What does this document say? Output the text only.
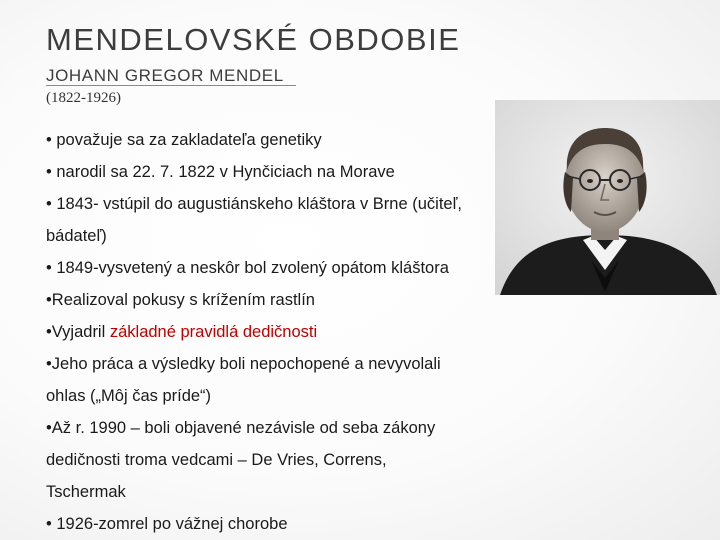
MENDELOVSKÉ OBDOBIE
JOHANN GREGOR MENDEL
(1822-1926)

• považuje sa za zakladateľa genetiky

• narodil sa 22. 7. 1822 v Hynčiciach na Morave

• 1843- vstúpil do augustiánskeho kláštora v Brne (učiteľ,

bádateľ)

• 1849-vysvetený a neskôr bol zvolený opátom kláštora

•Realizoval pokusy s krížením rastlín

•Vyjadril základné pravidlá dedičnosti

•Jeho práca a výsledky boli nepochopené a nevyvolali

ohlas („Môj čas príde“)

•Až r. 1990 – boli objavené nezávisle od seba zákony

dedičnosti troma vedcami – De Vries, Correns,

Tschermak

• 1926-zomrel po vážnej chorobe
